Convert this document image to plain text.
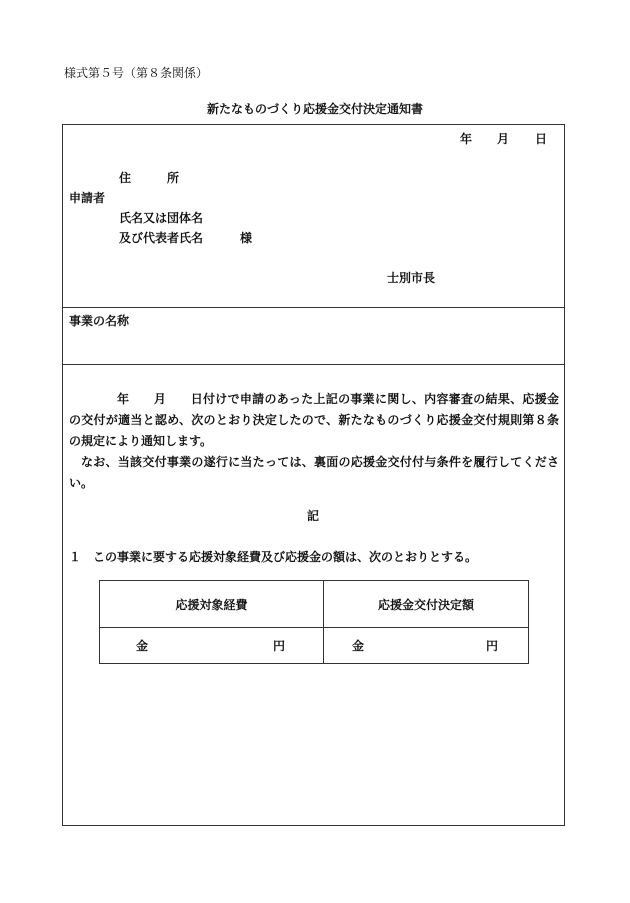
様式第５号（第８条関係）
新たなものづくり応援金交付決定通知書
年 月 日
住　　　所
申請者
氏名又は団体名
及び代表者氏名	様
士別市長
事業の名称

年　　月　　日付けで申請のあった上記の事業に関し、内容審査の結果、応援金の交付が適当と認め、次のとおり決定したので、新たなものづくり応援金交付規則第８条の規定により通知します。

なお、当該交付事業の遂行に当たっては、裏面の応援金交付付与条件を履行してください。

記
１　この事業に要する応援対象経費及び応援金の額は、次のとおりとする。
応援対象経費	応援金交付決定額

金 円	金 円
